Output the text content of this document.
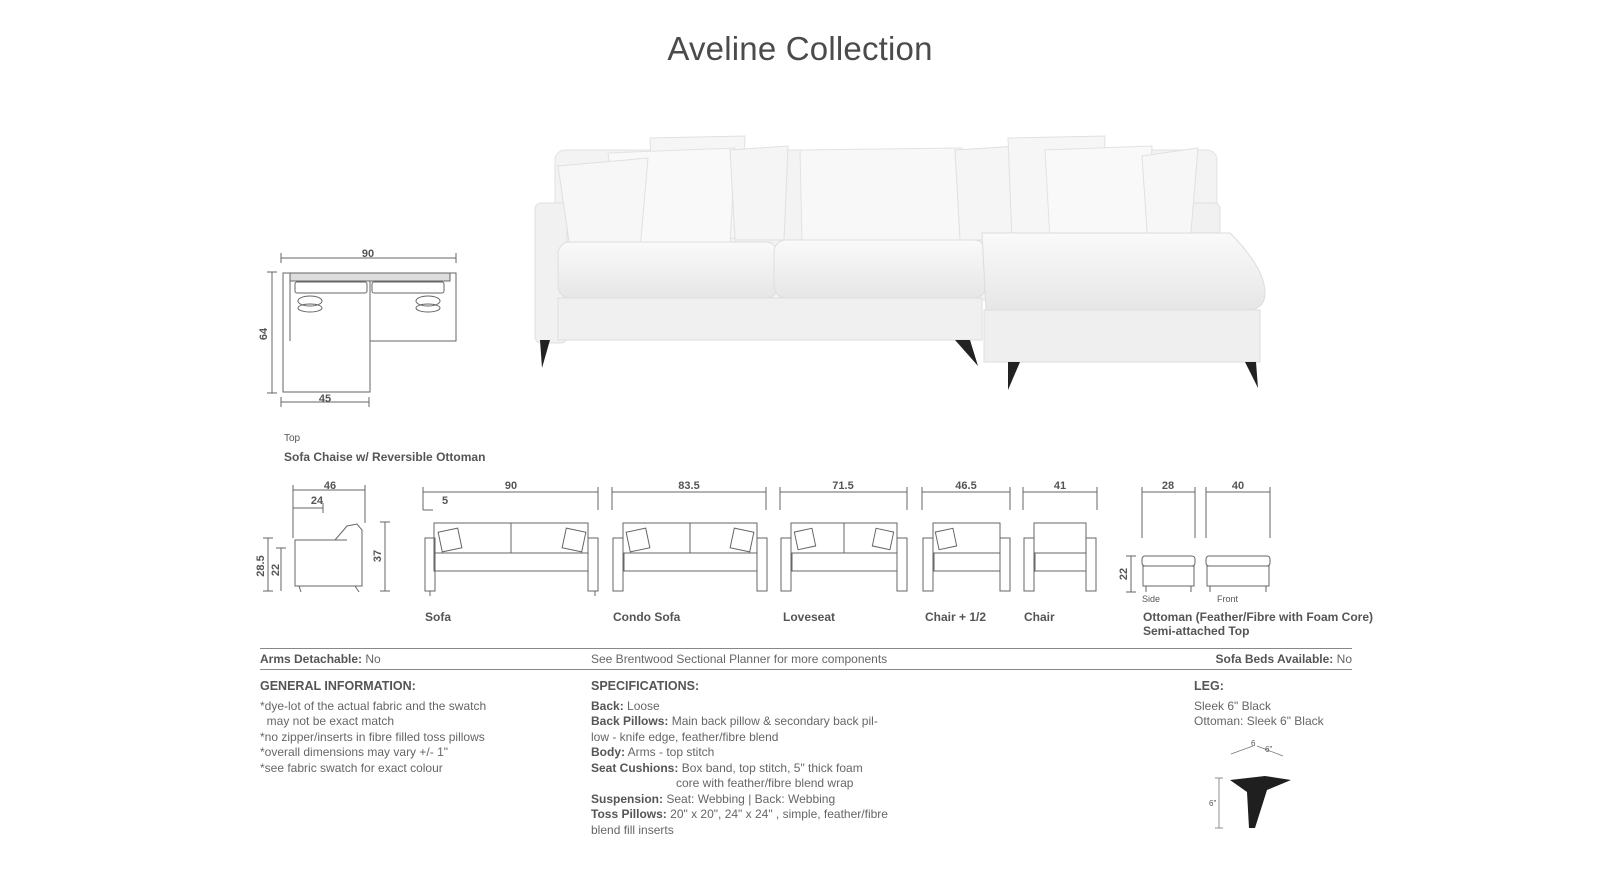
Aveline Collection
90
64
45
Top
Sofa Chaise w/ Reversible Ottoman
46
24
28.5 22
37
90
5
83.5	71.5	46.5	41
Sofa	Condo Sofa	Loveseat	Chair + 1/2	Chair
28	40
22
Side	Front
Ottoman (Feather/Fibre with Foam Core)
Semi-attached Top
Arms Detachable: No	See Brentwood Sectional Planner for more components	Sofa Beds Available: No
GENERAL INFORMATION:
*dye-lot of the actual fabric and the swatch
may not be exact match
*no zipper/inserts in fibre filled toss pillows
*overall dimensions may vary +/- 1"
*see fabric swatch for exact colour
SPECIFICATIONS:
Back: Loose
Back Pillows: Main back pillow & secondary back pil-
low - knife edge, feather/fibre blend
Body: Arms - top stitch
Seat Cushions: Box band, top stitch, 5" thick foam
core with feather/fibre blend wrap
Suspension: Seat: Webbing | Back: Webbing
Toss Pillows: 20" x 20", 24" x 24" , simple, feather/fibre
blend fill inserts
LEG:
Sleek 6" Black
Ottoman: Sleek 6" Black
6
6"
6"
